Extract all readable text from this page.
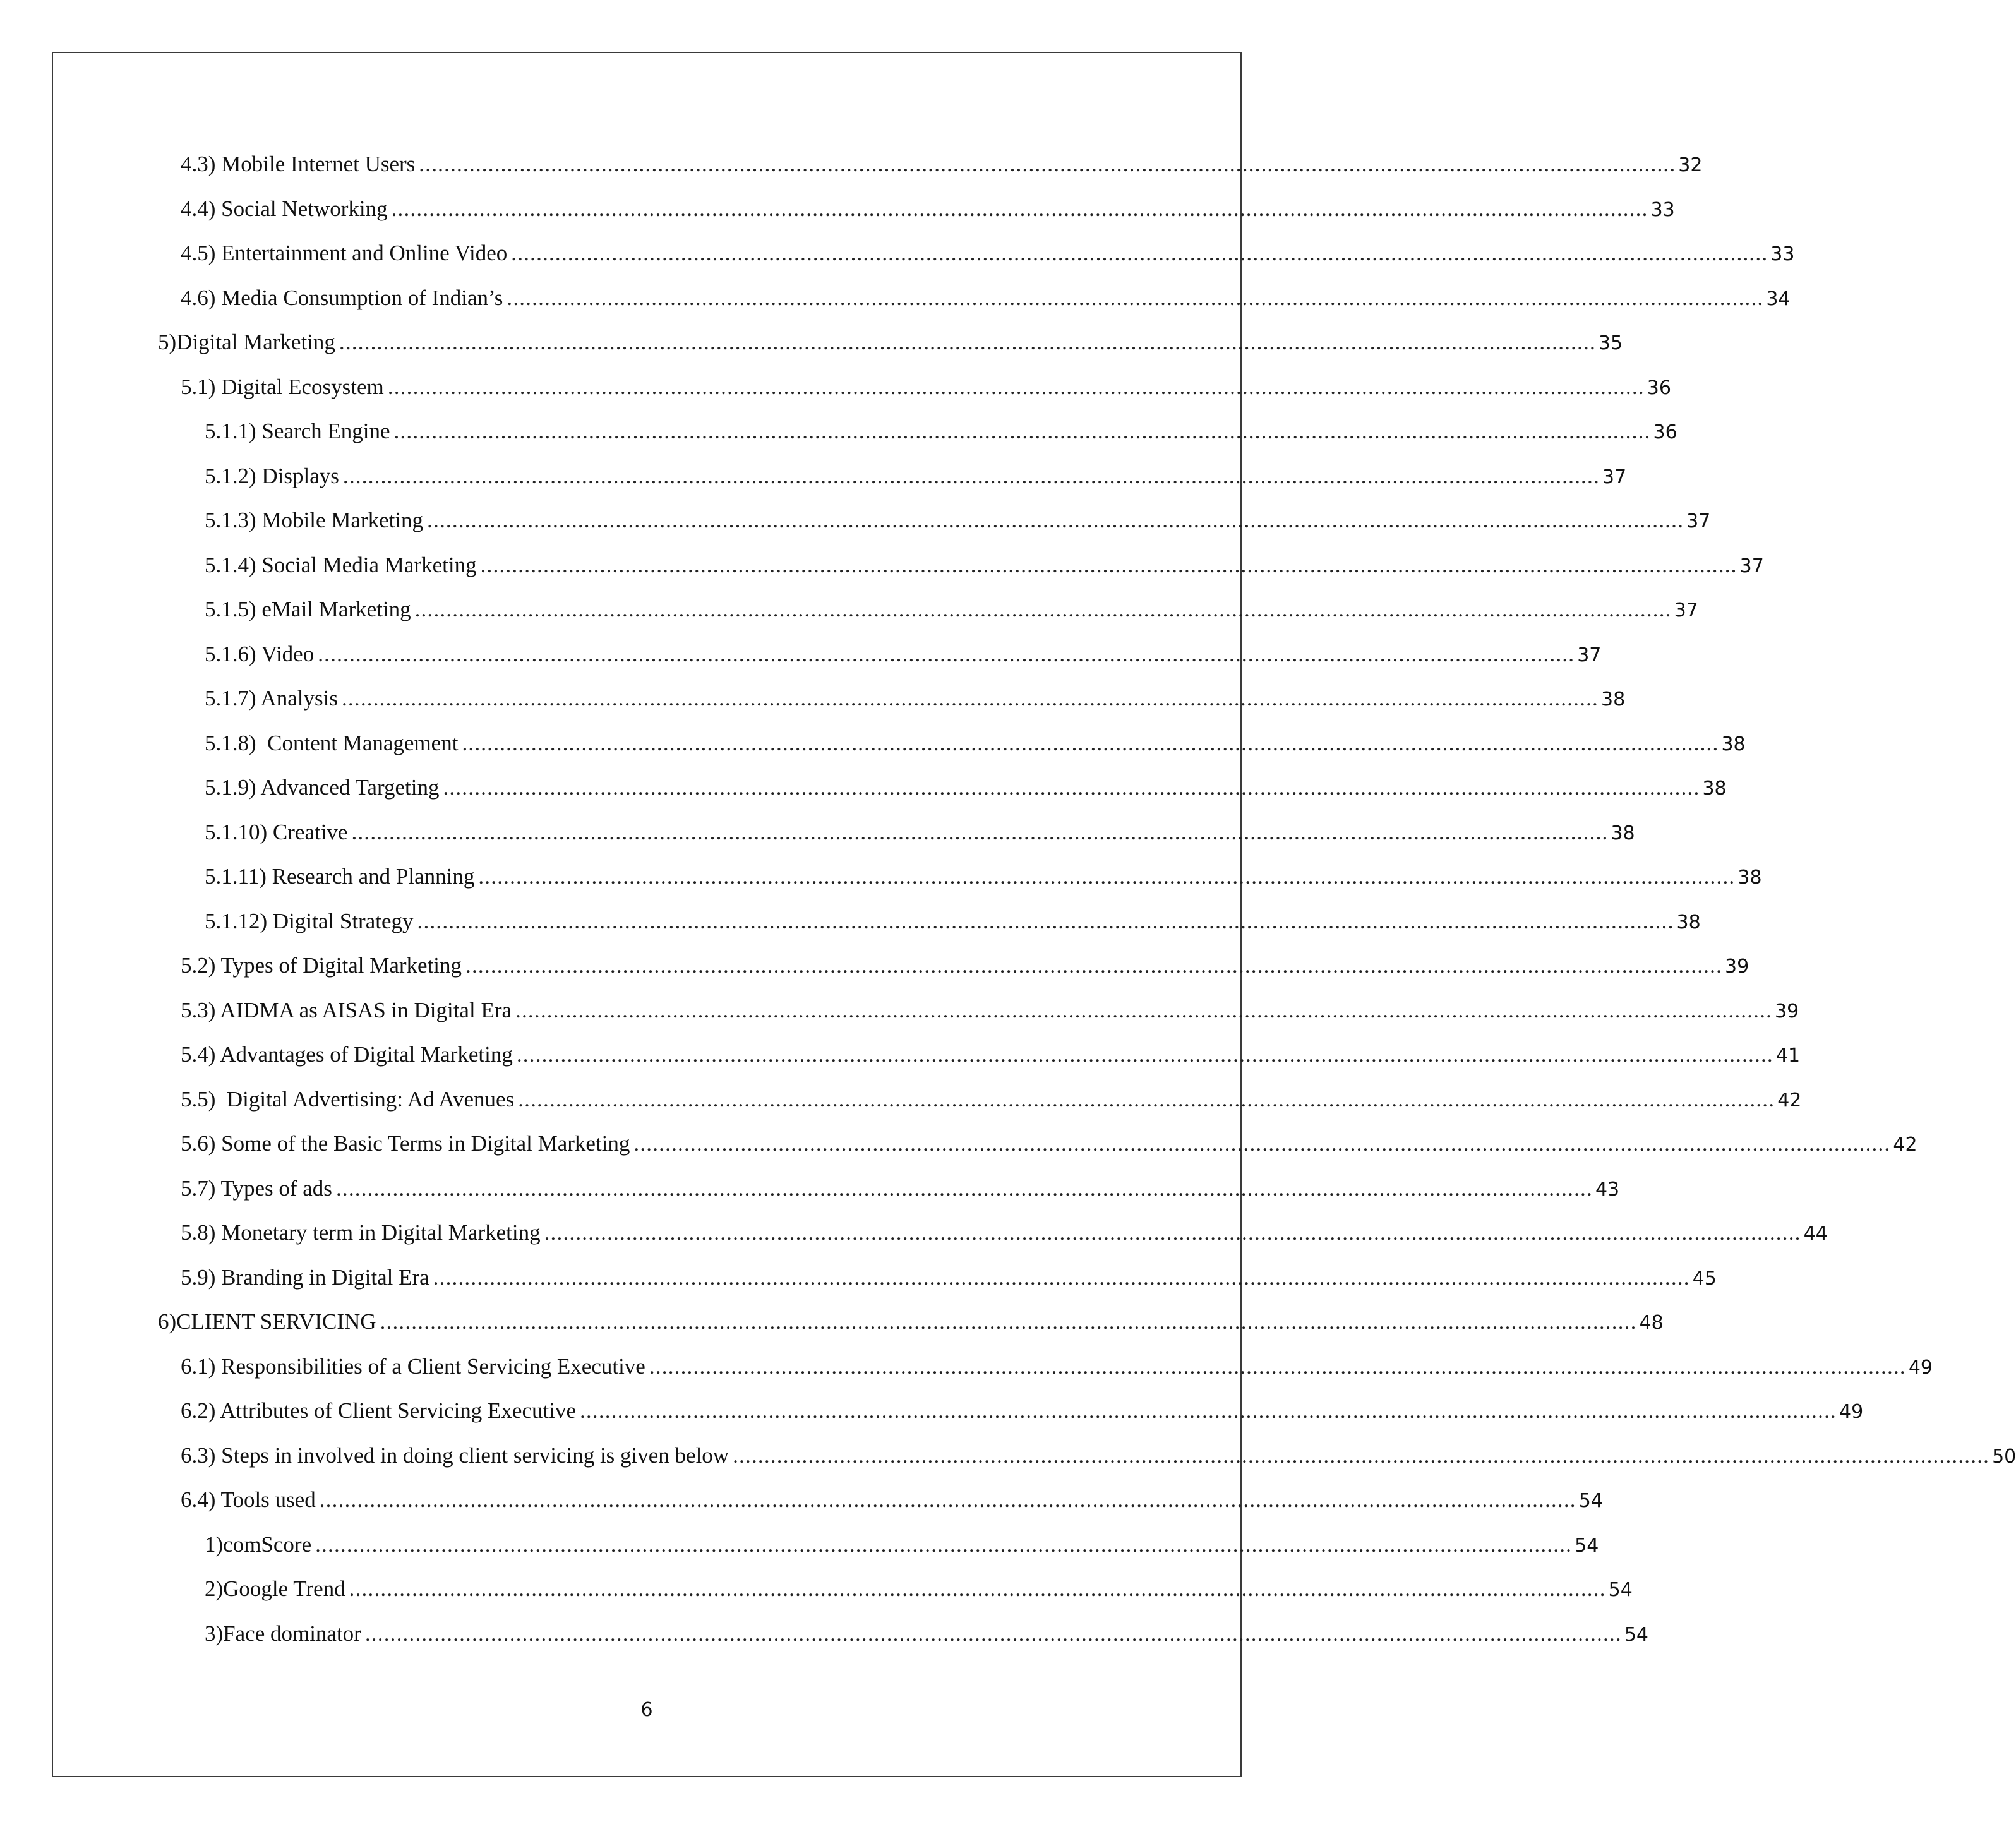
4.3) Mobile Internet Users ........................................................................................................................................................................................................ 32
4.4) Social Networking ........................................................................................................................................................................................................ 33
4.5) Entertainment and Online Video ........................................................................................................................................................................................................ 33
4.6) Media Consumption of Indian’s ........................................................................................................................................................................................................ 34
5) Digital Marketing ........................................................................................................................................................................................................ 35
5.1) Digital Ecosystem ........................................................................................................................................................................................................ 36
5.1.1) Search Engine ........................................................................................................................................................................................................ 36
5.1.2) Displays ........................................................................................................................................................................................................ 37
5.1.3) Mobile Marketing ........................................................................................................................................................................................................ 37
5.1.4) Social Media Marketing ........................................................................................................................................................................................................ 37
5.1.5) eMail Marketing ........................................................................................................................................................................................................ 37
5.1.6) Video ........................................................................................................................................................................................................ 37
5.1.7) Analysis ........................................................................................................................................................................................................ 38
5.1.8)  Content Management ........................................................................................................................................................................................................ 38
5.1.9) Advanced Targeting ........................................................................................................................................................................................................ 38
5.1.10) Creative ........................................................................................................................................................................................................ 38
5.1.11) Research and Planning ........................................................................................................................................................................................................ 38
5.1.12) Digital Strategy ........................................................................................................................................................................................................ 38
5.2) Types of Digital Marketing ........................................................................................................................................................................................................ 39
5.3) AIDMA as AISAS in Digital Era ........................................................................................................................................................................................................ 39
5.4) Advantages of Digital Marketing ........................................................................................................................................................................................................ 41
5.5)  Digital Advertising: Ad Avenues ........................................................................................................................................................................................................ 42
5.6) Some of the Basic Terms in Digital Marketing ........................................................................................................................................................................................................ 42
5.7) Types of ads ........................................................................................................................................................................................................ 43
5.8) Monetary term in Digital Marketing ........................................................................................................................................................................................................ 44
5.9) Branding in Digital Era ........................................................................................................................................................................................................ 45
6) CLIENT SERVICING ........................................................................................................................................................................................................ 48
6.1) Responsibilities of a Client Servicing Executive ........................................................................................................................................................................................................ 49
6.2) Attributes of Client Servicing Executive ........................................................................................................................................................................................................ 49
6.3) Steps in involved in doing client servicing is given below ........................................................................................................................................................................................................ 50
6.4) Tools used ........................................................................................................................................................................................................ 54
1) comScore ........................................................................................................................................................................................................ 54
2) Google Trend ........................................................................................................................................................................................................ 54
3) Face dominator ........................................................................................................................................................................................................ 54
6
